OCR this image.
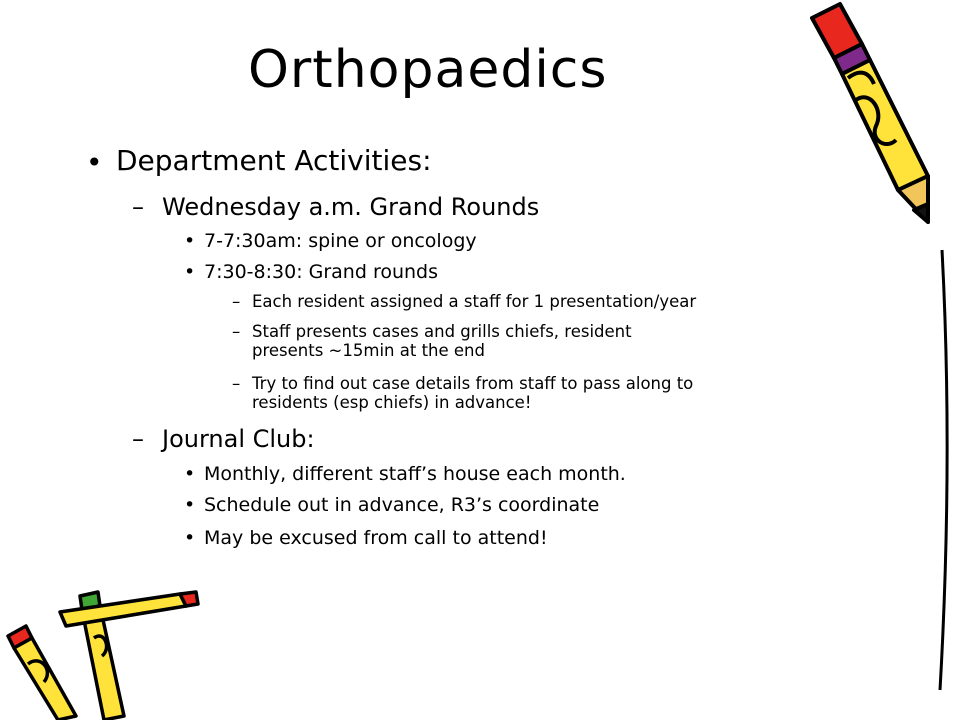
Orthopaedics
• Department Activities:
– Wednesday a.m. Grand Rounds
• 7-7:30am: spine or oncology
• 7:30-8:30: Grand rounds
– Each resident assigned a staff for 1 presentation/year
– Staff presents cases and grills chiefs, resident
presents ~15min at the end
– Try to find out case details from staff to pass along to
residents (esp chiefs) in advance!
– Journal Club:
• Monthly, different staff’s house each month.
• Schedule out in advance, R3’s coordinate
• May be excused from call to attend!
